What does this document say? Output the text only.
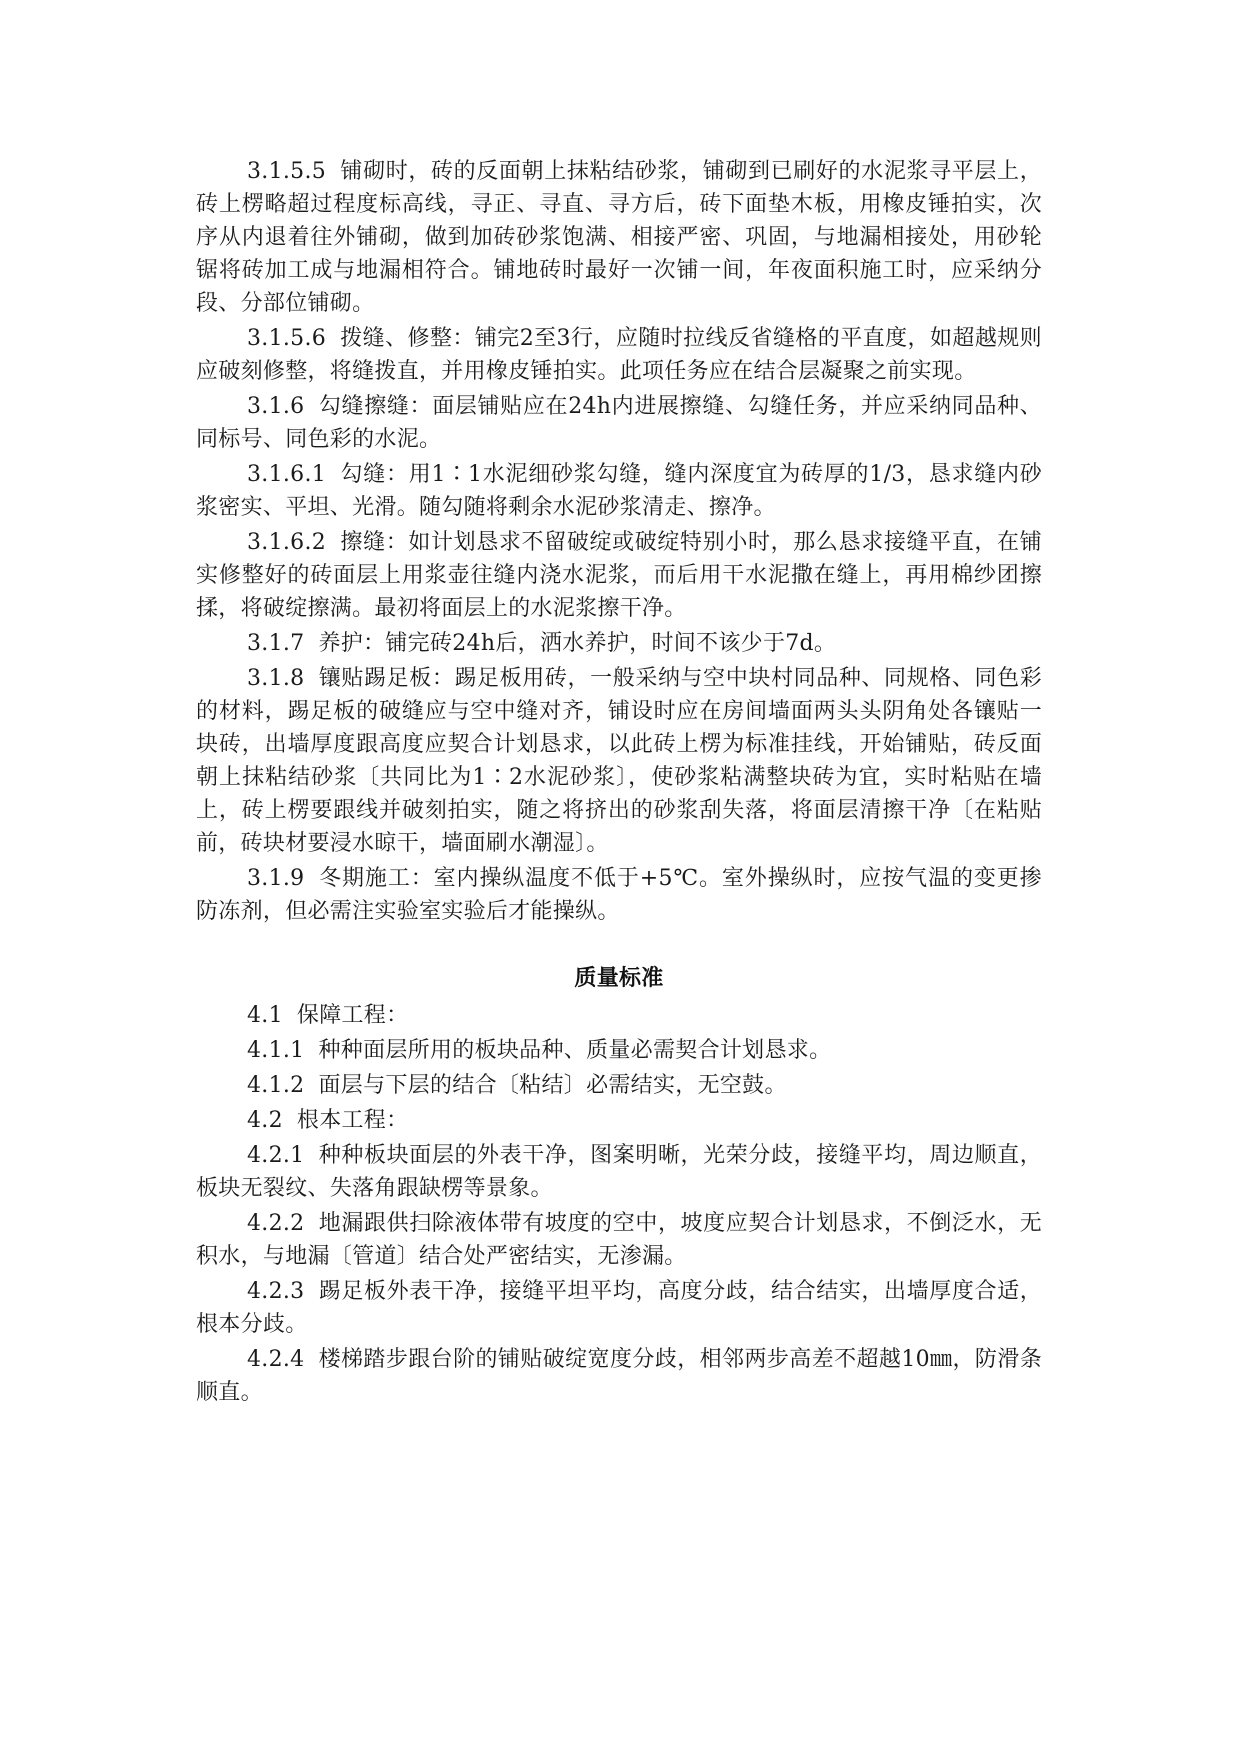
3.1.5.5 铺砌时，砖的反面朝上抹粘结砂浆，铺砌到已刷好的水泥浆寻平层上，砖上楞略超过程度标高线，寻正、寻直、寻方后，砖下面垫木板，用橡皮锤拍实，次序从内退着往外铺砌，做到加砖砂浆饱满、相接严密、巩固，与地漏相接处，用砂轮锯将砖加工成与地漏相符合。铺地砖时最好一次铺一间，年夜面积施工时，应采纳分段、分部位铺砌。

3.1.5.6 拨缝、修整：铺完2至3行，应随时拉线反省缝格的平直度，如超越规则应破刻修整，将缝拨直，并用橡皮锤拍实。此项任务应在结合层凝聚之前实现。

3.1.6 勾缝擦缝：面层铺贴应在24h内进展擦缝、勾缝任务，并应采纳同品种、同标号、同色彩的水泥。

3.1.6.1 勾缝：用1∶1水泥细砂浆勾缝，缝内深度宜为砖厚的1/3，恳求缝内砂浆密实、平坦、光滑。随勾随将剩余水泥砂浆清走、擦净。

3.1.6.2 擦缝：如计划恳求不留破绽或破绽特别小时，那么恳求接缝平直，在铺实修整好的砖面层上用浆壶往缝内浇水泥浆，而后用干水泥撒在缝上，再用棉纱团擦揉，将破绽擦满。最初将面层上的水泥浆擦干净。

3.1.7 养护：铺完砖24h后，洒水养护，时间不该少于7d。

3.1.8 镶贴踢足板：踢足板用砖，一般采纳与空中块村同品种、同规格、同色彩的材料，踢足板的破缝应与空中缝对齐，铺设时应在房间墙面两头头阴角处各镶贴一块砖，出墙厚度跟高度应契合计划恳求，以此砖上楞为标准挂线，开始铺贴，砖反面朝上抹粘结砂浆〔共同比为1∶2水泥砂浆〕，使砂浆粘满整块砖为宜，实时粘贴在墙上，砖上楞要跟线并破刻拍实，随之将挤出的砂浆刮失落，将面层清擦干净〔在粘贴前，砖块材要浸水晾干，墙面刷水潮湿〕。

3.1.9 冬期施工：室内操纵温度不低于+5℃。室外操纵时，应按气温的变更掺防冻剂，但必需注实验室实验后才能操纵。

质量标准

4.1 保障工程：

4.1.1 种种面层所用的板块品种、质量必需契合计划恳求。

4.1.2 面层与下层的结合〔粘结〕必需结实，无空鼓。

4.2 根本工程：

4.2.1 种种板块面层的外表干净，图案明晰，光荣分歧，接缝平均，周边顺直，板块无裂纹、失落角跟缺楞等景象。

4.2.2 地漏跟供扫除液体带有坡度的空中，坡度应契合计划恳求，不倒泛水，无积水，与地漏〔管道〕结合处严密结实，无渗漏。

4.2.3 踢足板外表干净，接缝平坦平均，高度分歧，结合结实，出墙厚度合适，根本分歧。

4.2.4 楼梯踏步跟台阶的铺贴破绽宽度分歧，相邻两步高差不超越10㎜，防滑条顺直。
